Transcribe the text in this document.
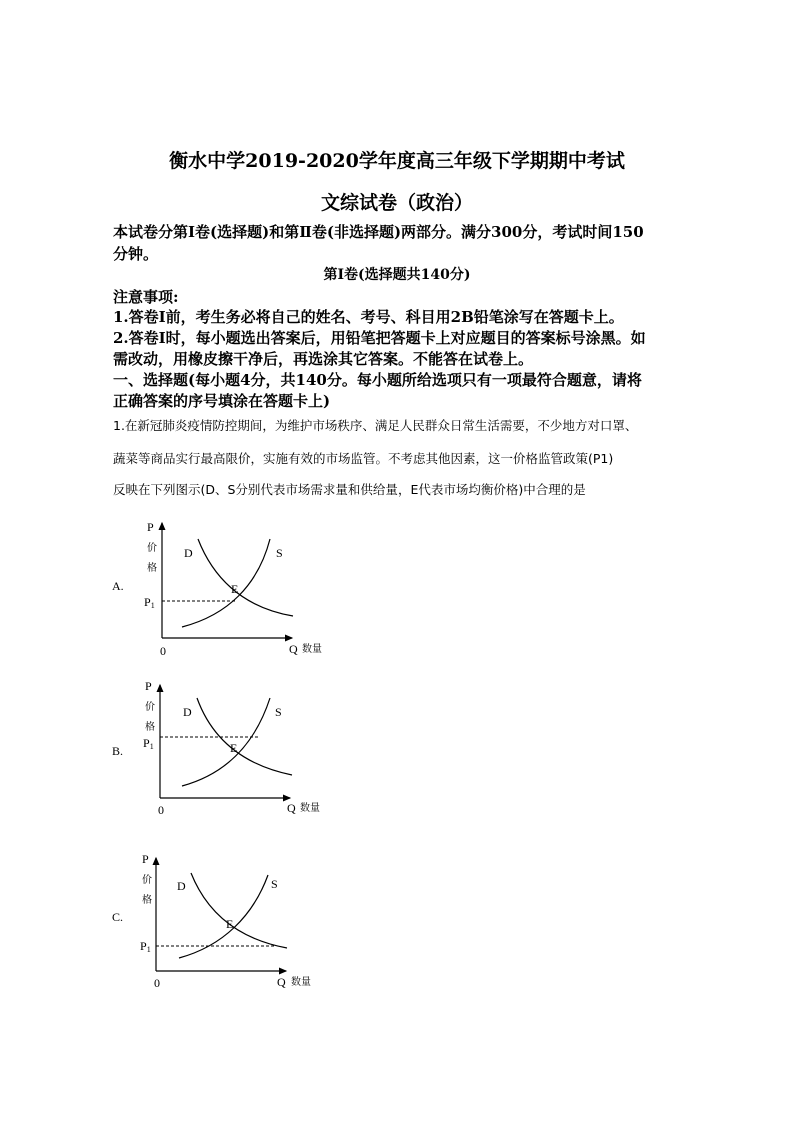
衡水中学2019-2020学年度高三年级下学期期中考试
文综试卷（政治）
本试卷分第Ⅰ卷(选择题)和第Ⅱ卷(非选择题)两部分。满分300分，考试时间150
分钟。
第Ⅰ卷(选择题共140分)
注意事项:
1.答卷Ⅰ前，考生务必将自己的姓名、考号、科目用2B铅笔涂写在答题卡上。
2.答卷Ⅰ时，每小题选出答案后，用铅笔把答题卡上对应题目的答案标号涂黑。如
需改动，用橡皮擦干净后，再选涂其它答案。不能答在试卷上。
一、选择题(每小题4分，共140分。每小题所给选项只有一项最符合题意，请将
正确答案的序号填涂在答题卡上)
1.在新冠肺炎疫情防控期间，为维护市场秩序、满足人民群众日常生活需要，不少地方对口罩、
蔬菜等商品实行最高限价，实施有效的市场监管。不考虑其他因素，这一价格监管政策(P1)
反映在下列图示(D、S分别代表市场需求量和供给量，E代表市场均衡价格)中合理的是
A.
P
价
格
P1
0	Q 数量
D	S
E
B.
P
价
格
P1
0	Q 数量
D	S
E
C.
P
价
格
P1
0	Q 数量
D	S
E
